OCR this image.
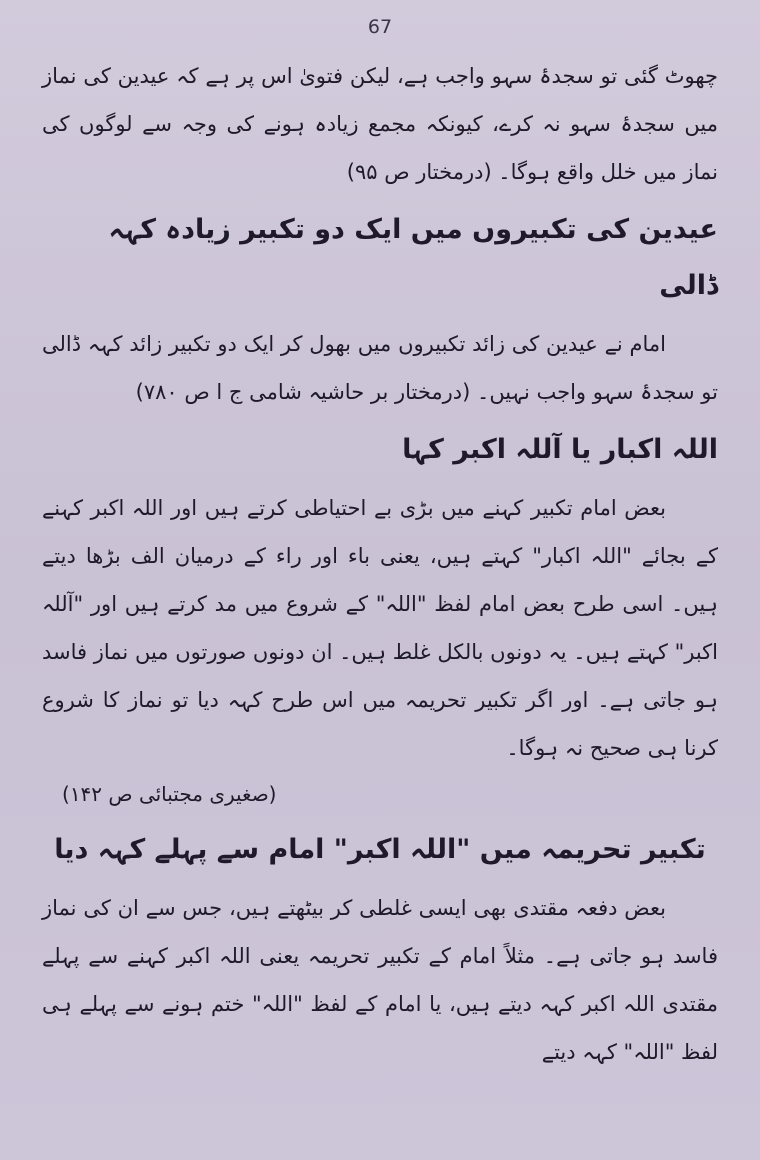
67

چھوٹ گئی تو سجدۂ سہو واجب ہے، لیکن فتویٰ اس پر ہے کہ عیدین کی نماز میں سجدۂ سہو نہ کرے، کیونکہ مجمع زیادہ ہونے کی وجہ سے لوگوں کی نماز میں خلل واقع ہوگا۔ (درمختار ص ۹۵)

عیدین کی تکبیروں میں ایک دو تکبیر زیادہ کہہ ڈالی

امام نے عیدین کی زائد تکبیروں میں بھول کر ایک دو تکبیر زائد کہہ ڈالی تو سجدۂ سہو واجب نہیں۔ (درمختار بر حاشیہ شامی ج ا ص ۷۸۰)

اللہ اکبار یا آللہ اکبر کہا

بعض امام تکبیر کہنے میں بڑی بے احتیاطی کرتے ہیں اور اللہ اکبر کہنے کے بجائے "اللہ اکبار" کہتے ہیں، یعنی باء اور راء کے درمیان الف بڑھا دیتے ہیں۔ اسی طرح بعض امام لفظ "اللہ" کے شروع میں مد کرتے ہیں اور "آللہ اکبر" کہتے ہیں۔ یہ دونوں بالکل غلط ہیں۔ ان دونوں صورتوں میں نماز فاسد ہو جاتی ہے۔ اور اگر تکبیر تحریمہ میں اس طرح کہہ دیا تو نماز کا شروع کرنا ہی صحیح نہ ہوگا۔

(صغیری مجتبائی ص ۱۴۲)
تکبیر تحریمہ میں "اللہ اکبر" امام سے پہلے کہہ دیا

بعض دفعہ مقتدی بھی ایسی غلطی کر بیٹھتے ہیں، جس سے ان کی نماز فاسد ہو جاتی ہے۔ مثلاً امام کے تکبیر تحریمہ یعنی اللہ اکبر کہنے سے پہلے مقتدی اللہ اکبر کہہ دیتے ہیں، یا امام کے لفظ "اللہ" ختم ہونے سے پہلے ہی لفظ "اللہ" کہہ دیتے
